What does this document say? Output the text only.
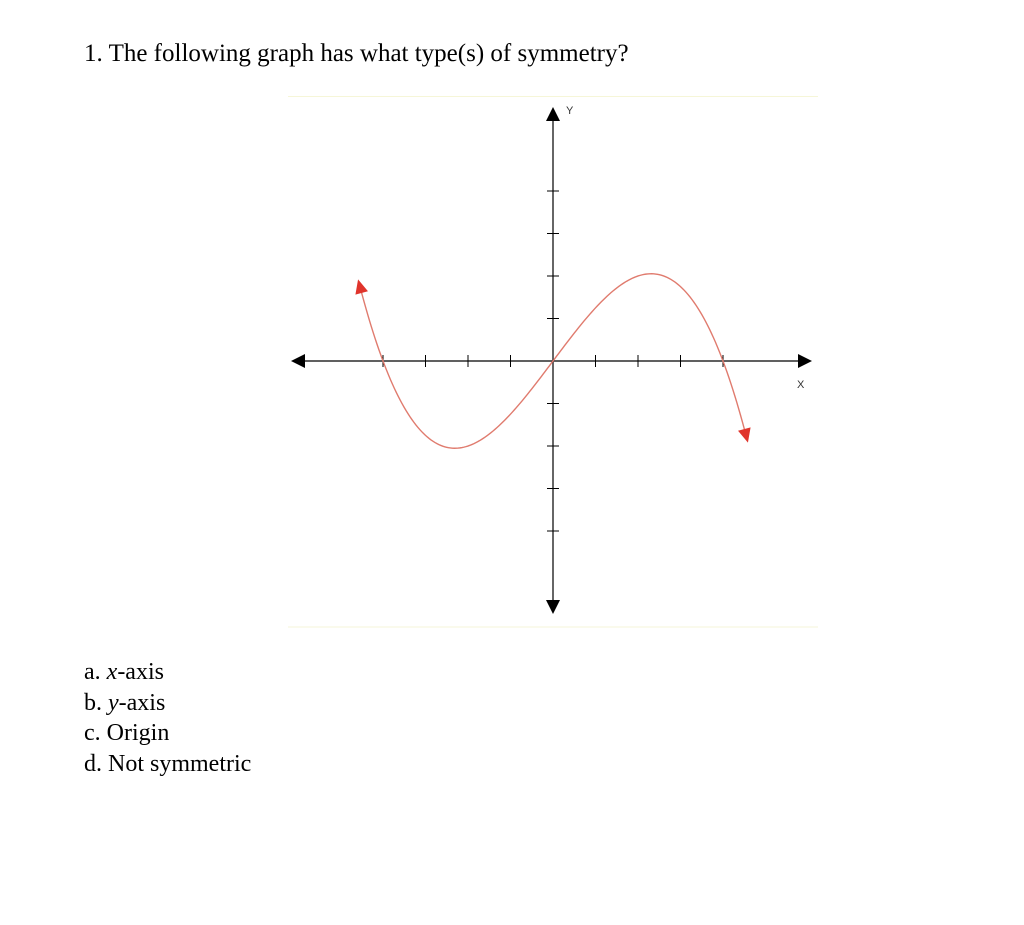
1. The following graph has what type(s) of symmetry?
X
Y
a. x-axis
b. y-axis
c. Origin
d. Not symmetric
